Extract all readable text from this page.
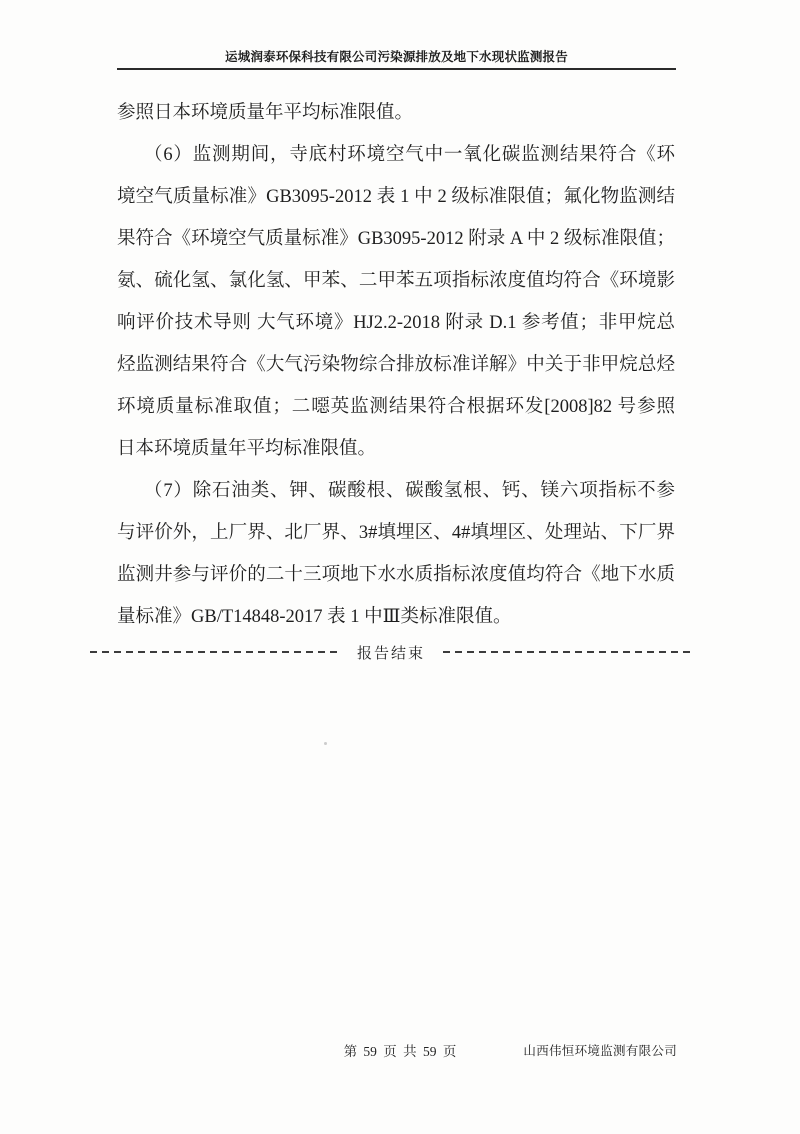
运城润泰环保科技有限公司污染源排放及地下水现状监测报告
参照日本环境质量年平均标准限值。
（6）监测期间，寺底村环境空气中一氧化碳监测结果符合《环
境空气质量标准》GB3095-2012 表 1 中 2 级标准限值；氟化物监测结
果符合《环境空气质量标准》GB3095-2012 附录 A 中 2 级标准限值；
氨、硫化氢、氯化氢、甲苯、二甲苯五项指标浓度值均符合《环境影
响评价技术导则 大气环境》HJ2.2-2018 附录 D.1 参考值；非甲烷总
烃监测结果符合《大气污染物综合排放标准详解》中关于非甲烷总烃
环境质量标准取值；二噁英监测结果符合根据环发[2008]82 号参照
日本环境质量年平均标准限值。
（7）除石油类、钾、碳酸根、碳酸氢根、钙、镁六项指标不参
与评价外，上厂界、北厂界、3#填埋区、4#填埋区、处理站、下厂界
监测井参与评价的二十三项地下水水质指标浓度值均符合《地下水质
量标准》GB/T14848-2017 表 1 中Ⅲ类标准限值。
报告结束
第 59 页 共 59 页	山西伟恒环境监测有限公司
